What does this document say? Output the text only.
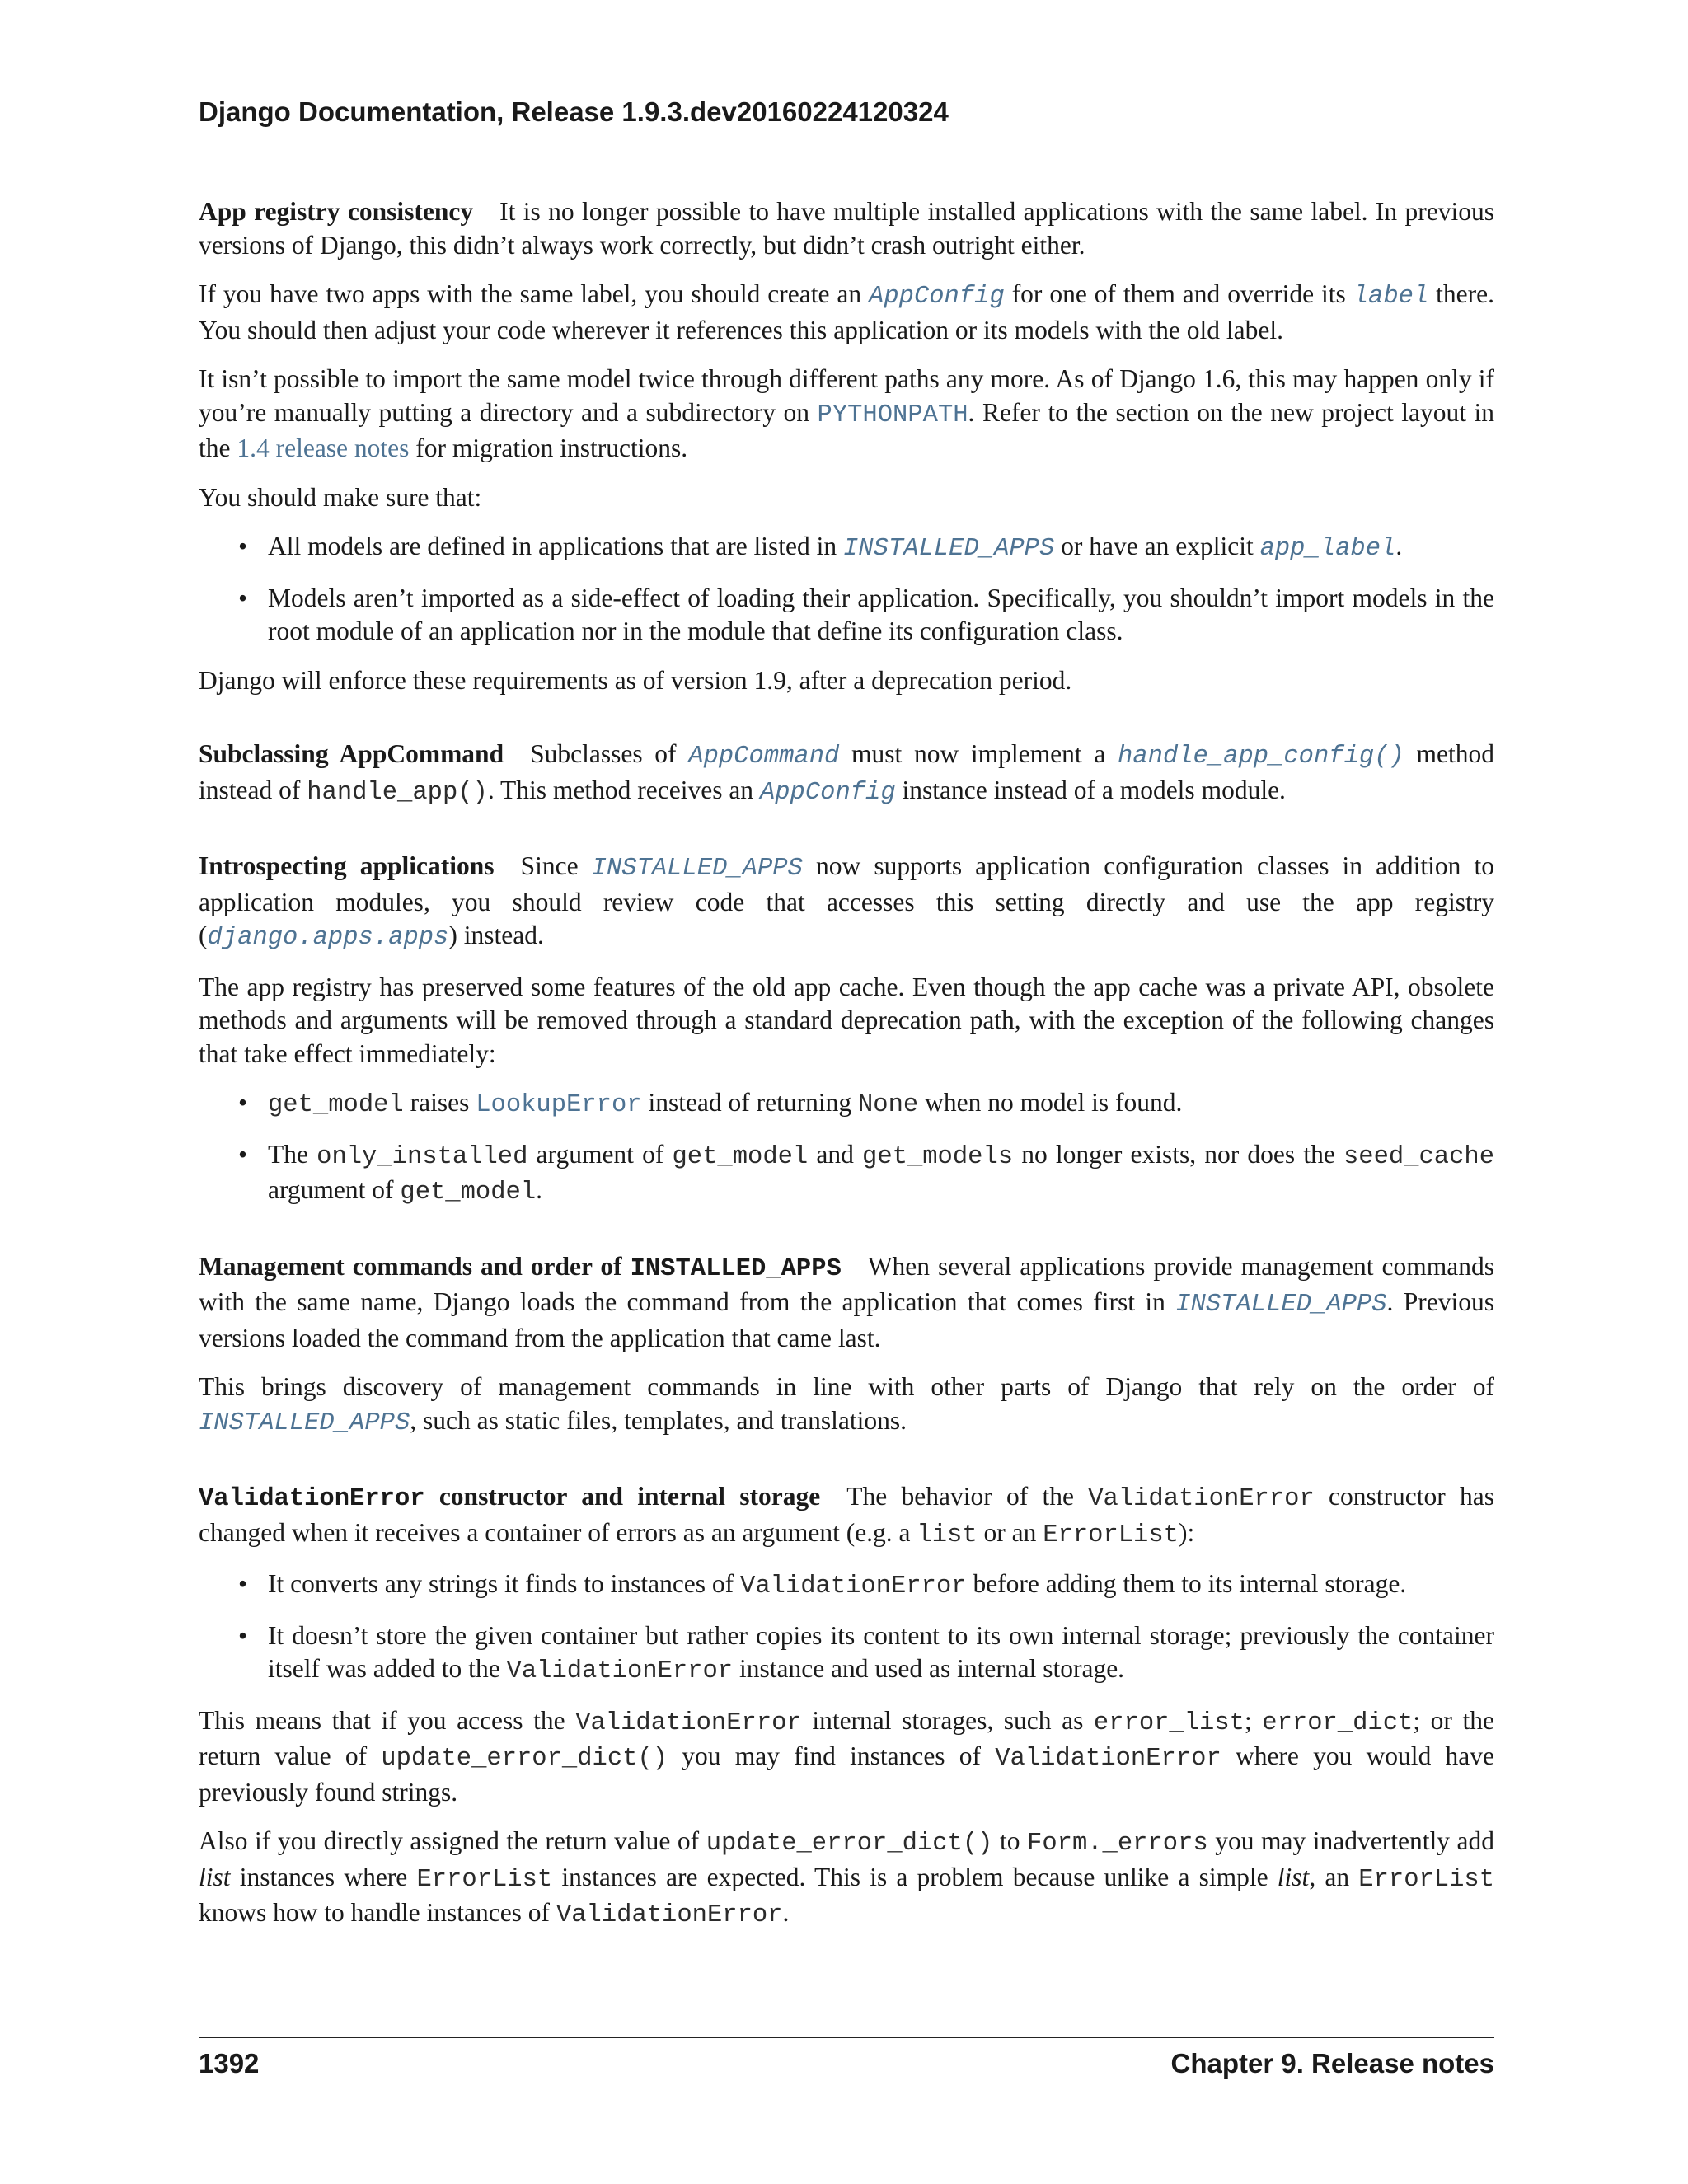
Django Documentation, Release 1.9.3.dev20160224120324

App registry consistency It is no longer possible to have multiple installed applications with the same label. In previous versions of Django, this didn’t always work correctly, but didn’t crash outright either.

If you have two apps with the same label, you should create an AppConfig for one of them and override its label there. You should then adjust your code wherever it references this application or its models with the old label.

It isn’t possible to import the same model twice through different paths any more. As of Django 1.6, this may happen only if you’re manually putting a directory and a subdirectory on PYTHONPATH. Refer to the section on the new project layout in the 1.4 release notes for migration instructions.

You should make sure that:

• All models are defined in applications that are listed in INSTALLED_APPS or have an explicit app_label.
• Models aren’t imported as a side-effect of loading their application. Specifically, you shouldn’t import models in the root module of an application nor in the module that define its configuration class.

Django will enforce these requirements as of version 1.9, after a deprecation period.

Subclassing AppCommand Subclasses of AppCommand must now implement a handle_app_config() method instead of handle_app(). This method receives an AppConfig instance instead of a models module.

Introspecting applications Since INSTALLED_APPS now supports application configuration classes in addition to application modules, you should review code that accesses this setting directly and use the app registry (django.apps.apps) instead.

The app registry has preserved some features of the old app cache. Even though the app cache was a private API, obsolete methods and arguments will be removed through a standard deprecation path, with the exception of the following changes that take effect immediately:

• get_model raises LookupError instead of returning None when no model is found.
• The only_installed argument of get_model and get_models no longer exists, nor does the seed_cache argument of get_model.

Management commands and order of INSTALLED_APPS When several applications provide management commands with the same name, Django loads the command from the application that comes first in INSTALLED_APPS. Previous versions loaded the command from the application that came last.

This brings discovery of management commands in line with other parts of Django that rely on the order of INSTALLED_APPS, such as static files, templates, and translations.

ValidationError constructor and internal storage The behavior of the ValidationError constructor has changed when it receives a container of errors as an argument (e.g. a list or an ErrorList):

• It converts any strings it finds to instances of ValidationError before adding them to its internal storage.
• It doesn’t store the given container but rather copies its content to its own internal storage; previously the container itself was added to the ValidationError instance and used as internal storage.

This means that if you access the ValidationError internal storages, such as error_list; error_dict; or the return value of update_error_dict() you may find instances of ValidationError where you would have previously found strings.

Also if you directly assigned the return value of update_error_dict() to Form._errors you may inadvertently add list instances where ErrorList instances are expected. This is a problem because unlike a simple list, an ErrorList knows how to handle instances of ValidationError.

1392	Chapter 9. Release notes
